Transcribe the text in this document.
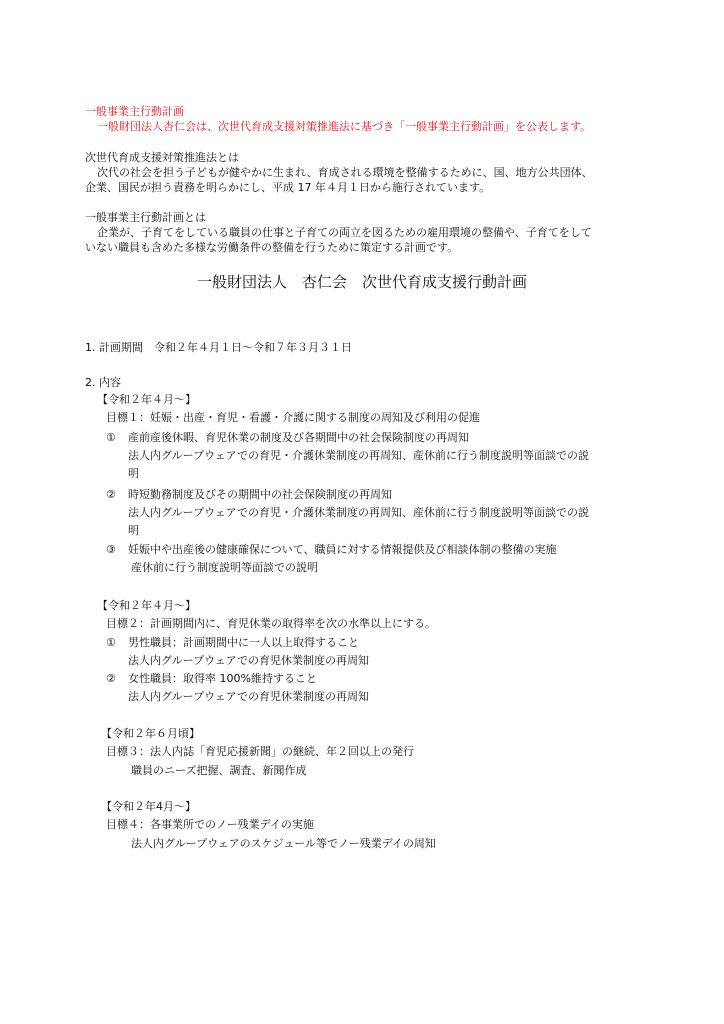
一般事業主行動計画
一般財団法人杏仁会は、次世代育成支援対策推進法に基づき「一般事業主行動計画」を公表します。
次世代育成支援対策推進法とは
次代の社会を担う子どもが健やかに生まれ、育成される環境を整備するために、国、地方公共団体、
企業、国民が担う責務を明らかにし、平成 17 年４月１日から施行されています。
一般事業主行動計画とは
企業が、子育てをしている職員の仕事と子育ての両立を図るための雇用環境の整備や、子育てをして
いない職員も含めた多様な労働条件の整備を行うために策定する計画です。
一般財団法人　杏仁会　次世代育成支援行動計画
1. 計画期間　令和２年４月１日～令和７年３月３１日
2. 内容
【令和２年４月～】
目標１：妊娠・出産・育児・看護・介護に関する制度の周知及び利用の促進
① 産前産後休暇、育児休業の制度及び各期間中の社会保険制度の再周知
法人内グループウェアでの育児・介護休業制度の再周知、産休前に行う制度説明等面談での説
明
② 時短勤務制度及びその期間中の社会保険制度の再周知
法人内グループウェアでの育児・介護休業制度の再周知、産休前に行う制度説明等面談での説
明
③ 妊娠中や出産後の健康確保について、職員に対する情報提供及び相談体制の整備の実施
産休前に行う制度説明等面談での説明
【令和２年４月～】
目標２：計画期間内に、育児休業の取得率を次の水準以上にする。
① 男性職員：計画期間中に一人以上取得すること
法人内グループウェアでの育児休業制度の再周知
② 女性職員：取得率 100%維持すること
法人内グループウェアでの育児休業制度の再周知
【令和２年６月頃】
目標３：法人内誌「育児応援新聞」の継続、年２回以上の発行
職員のニーズ把握、調査、新聞作成
【令和２年4月～】
目標４：各事業所でのノー残業デイの実施
法人内グループウェアのスケジュール等でノー残業デイの周知
